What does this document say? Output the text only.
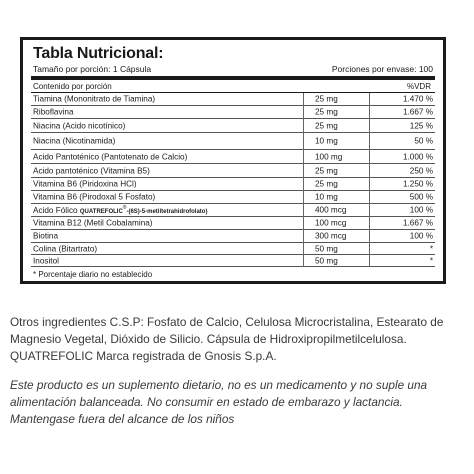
Tabla Nutricional:
Tamaño por porción: 1 Cápsula	Porciones por envase: 100
Contenido por porción	%VDR
Tiamina (Mononitrato de Tiamina)	25 mg	1.470 %
Riboflavina	25 mg	1.667 %
Niacina (Acido nicotínico)	25 mg	125 %
Niacina (Nicotinamida)	10 mg	50 %
Acido Pantoténico (Pantotenato de Calcio)	100 mg	1.000 %
Acido pantoténico (Vitamina B5)	25 mg	250 %
Vitamina B6 (Piridoxina HCl)	25 mg	1.250 %
Vitamina B6 (Pirodoxal 5 Fosfato)	10 mg	500 %
Acido Fólico QUATREFOLIC®-(6S)-5-metiltetrahidrofolato)	400 mcg	100 %
Vitamina B12 (Metil Cobalamina)	100 mcg	1.667 %
Biotina	300 mcg	100 %
Colina (Bitartrato)	50 mg	*
Inositol	50 mg	*
* Porcentaje diario no establecido
Otros ingredientes C.S.P: Fosfato de Calcio, Celulosa Microcristalina, Estearato de Magnesio Vegetal, Dióxido de Silicio. Cápsula de Hidroxipropilmetilcelulosa. QUATREFOLIC Marca registrada de Gnosis S.p.A.
Este producto es un suplemento dietario, no es un medicamento y no suple una alimentación balanceada. No consumir en estado de embarazo y lactancia. Mantengase fuera del alcance de los niños
